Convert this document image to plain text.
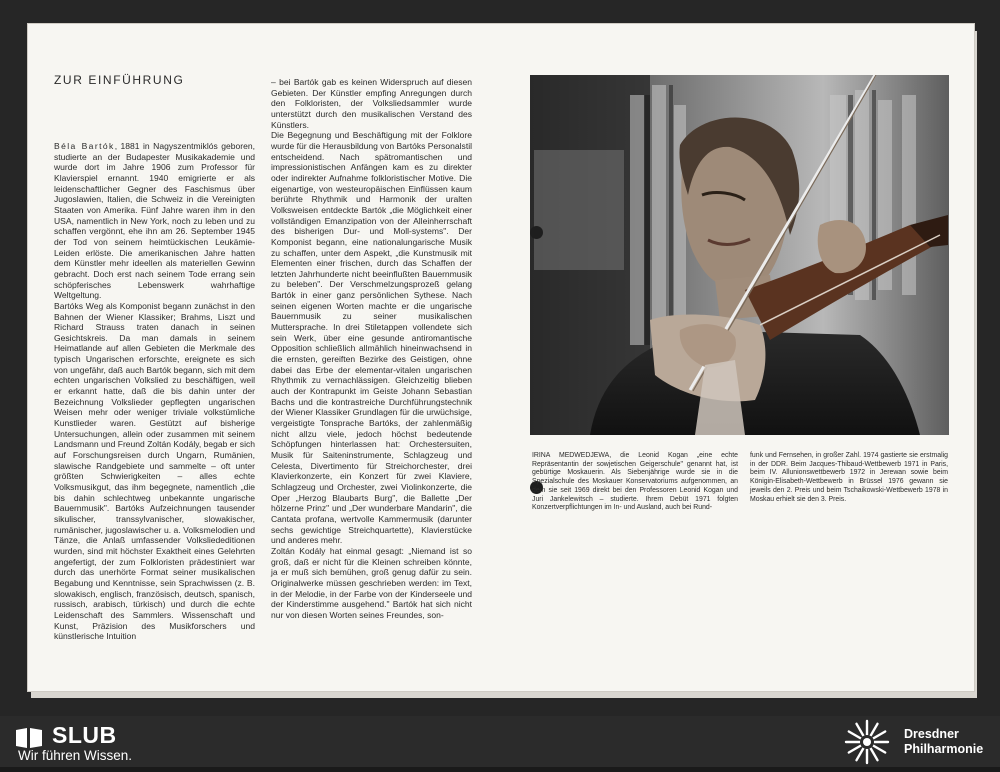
ZUR EINFÜHRUNG

Béla Bartók, 1881 in Nagyszentmiklós geboren, studierte an der Budapester Musikakademie und wurde dort im Jahre 1906 zum Professor für Klavierspiel ernannt. 1940 emigrierte er als leidenschaftlicher Gegner des Faschismus über Jugoslawien, Italien, die Schweiz in die Vereinigten Staaten von Amerika. Fünf Jahre waren ihm in den USA, namentlich in New York, noch zu leben und zu schaffen vergönnt, ehe ihn am 26. September 1945 der Tod von seinem heimtückischen Leukämie-Leiden erlöste. Die amerikanischen Jahre hatten dem Künstler mehr ideellen als materiellen Gewinn gebracht. Doch erst nach seinem Tode errang sein schöpferisches Lebenswerk wahrhaftige Weltgeltung.

Bartóks Weg als Komponist begann zunächst in den Bahnen der Wiener Klassiker; Brahms, Liszt und Richard Strauss traten danach in seinen Gesichtskreis. Da man damals in seinem Heimatlande auf allen Gebieten die Merkmale des typisch Ungarischen erforschte, ereignete es sich von ungefähr, daß auch Bartók begann, sich mit dem echten ungarischen Volkslied zu beschäftigen, weil er erkannt hatte, daß die bis dahin unter der Bezeichnung Volkslieder gepflegten ungarischen Weisen mehr oder weniger triviale volkstümliche Kunstlieder waren. Gestützt auf bisherige Untersuchungen, allein oder zusammen mit seinem Landsmann und Freund Zoltán Kodály, begab er sich auf Forschungsreisen durch Ungarn, Rumänien, slawische Randgebiete und sammelte – oft unter größten Schwierigkeiten – alles echte Volksmusikgut, das ihm begegnete, namentlich „die bis dahin schlechtweg unbekannte ungarische Bauernmusik". Bartóks Aufzeichnungen tausender sikulischer, transsylvanischer, slowakischer, rumänischer, jugoslawischer u. a. Volksmelodien und Tänze, die Anlaß umfassender Volksliededitionen wurden, sind mit höchster Exaktheit eines Gelehrten angefertigt, der zum Folkloristen prädestiniert war durch das unerhörte Format seiner musikalischen Begabung und Kenntnisse, sein Sprachwissen (z. B. slowakisch, englisch, französisch, deutsch, spanisch, russisch, arabisch, türkisch) und durch die echte Leidenschaft des Sammlers. Wissenschaft und Kunst, Präzision des Musikforschers und künstlerische Intuition

– bei Bartók gab es keinen Widerspruch auf diesen Gebieten. Der Künstler empfing Anregungen durch den Folkloristen, der Volksliedsammler wurde unterstützt durch den musikalischen Verstand des Künstlers.

Die Begegnung und Beschäftigung mit der Folklore wurde für die Herausbildung von Bartóks Personalstil entscheidend. Nach spätromantischen und impressionistischen Anfängen kam es zu direkter oder indirekter Aufnahme folkloristischer Motive. Die eigenartige, von westeuropäischen Einflüssen kaum berührte Rhythmik und Harmonik der uralten Volksweisen entdeckte Bartók „die Möglichkeit einer vollständigen Emanzipation von der Alleinherrschaft des bisherigen Dur- und Moll-systems". Der Komponist begann, eine nationalungarische Musik zu schaffen, unter dem Aspekt, „die Kunstmusik mit Elementen einer frischen, durch das Schaffen der letzten Jahrhunderte nicht beeinflußten Bauernmusik zu beleben". Der Verschmelzungsprozeß gelang Bartók in einer ganz persönlichen Sythese. Nach seinen eigenen Worten machte er die ungarische Bauernmusik zu seiner musikalischen Muttersprache. In drei Stiletappen vollendete sich sein Werk, über eine gesunde antiromantische Opposition schließlich allmählich hineinwachsend in die ernsten, gereiften Bezirke des Geistigen, ohne dabei das Erbe der elementar-vitalen ungarischen Rhythmik zu vernachlässigen. Gleichzeitig blieben auch der Kontrapunkt im Geiste Johann Sebastian Bachs und die kontrastreiche Durchführungstechnik der Wiener Klassiker Grundlagen für die urwüchsige, vergeistigte Tonsprache Bartóks, der zahlenmäßig nicht allzu viele, jedoch höchst bedeutende Schöpfungen hinterlassen hat: Orchestersuiten, Musik für Saiteninstrumente, Schlagzeug und Celesta, Divertimento für Streichorchester, drei Klavierkonzerte, ein Konzert für zwei Klaviere, Schlagzeug und Orchester, zwei Violinkonzerte, die Oper „Herzog Blaubarts Burg", die Ballette „Der hölzerne Prinz" und „Der wunderbare Mandarin", die Cantata profana, wertvolle Kammermusik (darunter sechs gewichtige Streichquartette), Klavierstücke und anderes mehr.

Zoltán Kodály hat einmal gesagt: „Niemand ist so groß, daß er nicht für die Kleinen schreiben könnte, ja er muß sich bemühen, groß genug dafür zu sein. Originalwerke müssen geschrieben werden: im Text, in der Melodie, in der Farbe von der Kinderseele und der Kinderstimme ausgehend." Bartók hat sich nicht nur von diesen Worten seines Freundes, son-

IRINA MEDWEDJEWA, die Leonid Kogan „eine echte Repräsentantin der sowjetischen Geigerschule" genannt hat, ist gebürtige Moskauerin. Als Siebenjährige wurde sie in die Spezialschule des Moskauer Konservatoriums aufgenommen, an dem sie seit 1969 direkt bei den Professoren Leonid Kogan und Juri Jankelewitsch – studierte. Ihrem Debüt 1971 folgten Konzertverpflichtungen im In- und Ausland, auch bei Rund-
funk und Fernsehen, in großer Zahl. 1974 gastierte sie erstmalig in der DDR. Beim Jacques-Thibaud-Wettbewerb 1971 in Paris, beim IV. Allunionswettbewerb 1972 in Jerewan sowie beim Königin-Elisabeth-Wettbewerb in Brüssel 1976 gewann sie jeweils den 2. Preis und beim Tschaikowski-Wettbewerb 1978 in Moskau erhielt sie den 3. Preis.
SLUB
Wir führen Wissen.
Dresdner
Philharmonie
